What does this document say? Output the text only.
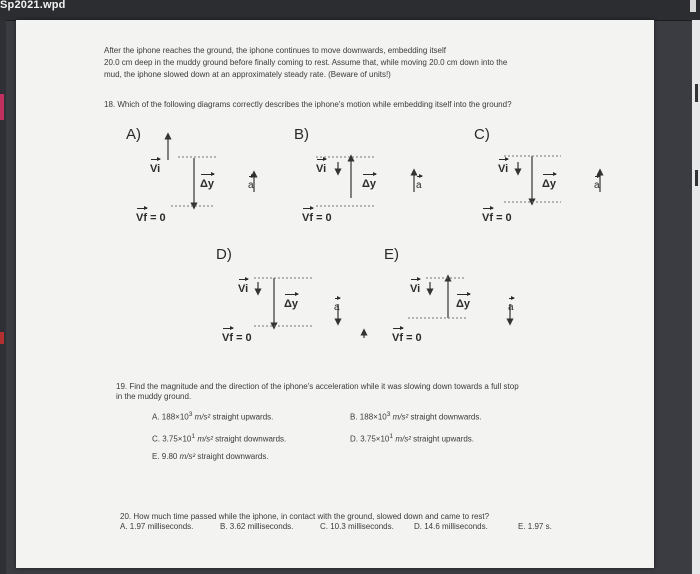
Sp2021.wpd
After the iphone reaches the ground, the iphone continues to move downwards, embedding itself
20.0 cm deep in the muddy ground before finally coming to rest. Assume that, while moving 20.0 cm down into the
mud, the iphone slowed down at an approximately steady rate. (Beware of units!)
18. Which of the following diagrams correctly describes the iphone's motion while embedding itself into the ground?
A)	B)	C)
D)	E)
Vi
Δy	a
Vf = 0
Vi
Δy	a
Vf = 0
Vi
Δy	a
Vf = 0
Vi
Δy	a
Vf = 0
Vi
Δy	a
Vf = 0
19. Find the magnitude and the direction of the iphone's acceleration while it was slowing down towards a full stop
in the muddy ground.
A. $188\times 10^3$ m/s² straight upwards.	B. $188\times 10^3$ m/s² straight downwards.
C. $3.75\times 10^1$ m/s² straight downwards.	D. $3.75\times 10^1$ m/s² straight upwards.
E. 9.80 m/s² straight downwards.
20. How much time passed while the iphone, in contact with the ground, slowed down and came to rest?
A. 1.97 milliseconds.	B. 3.62 milliseconds.	C. 10.3 milliseconds.	D. 14.6 milliseconds.	E. 1.97 s.
